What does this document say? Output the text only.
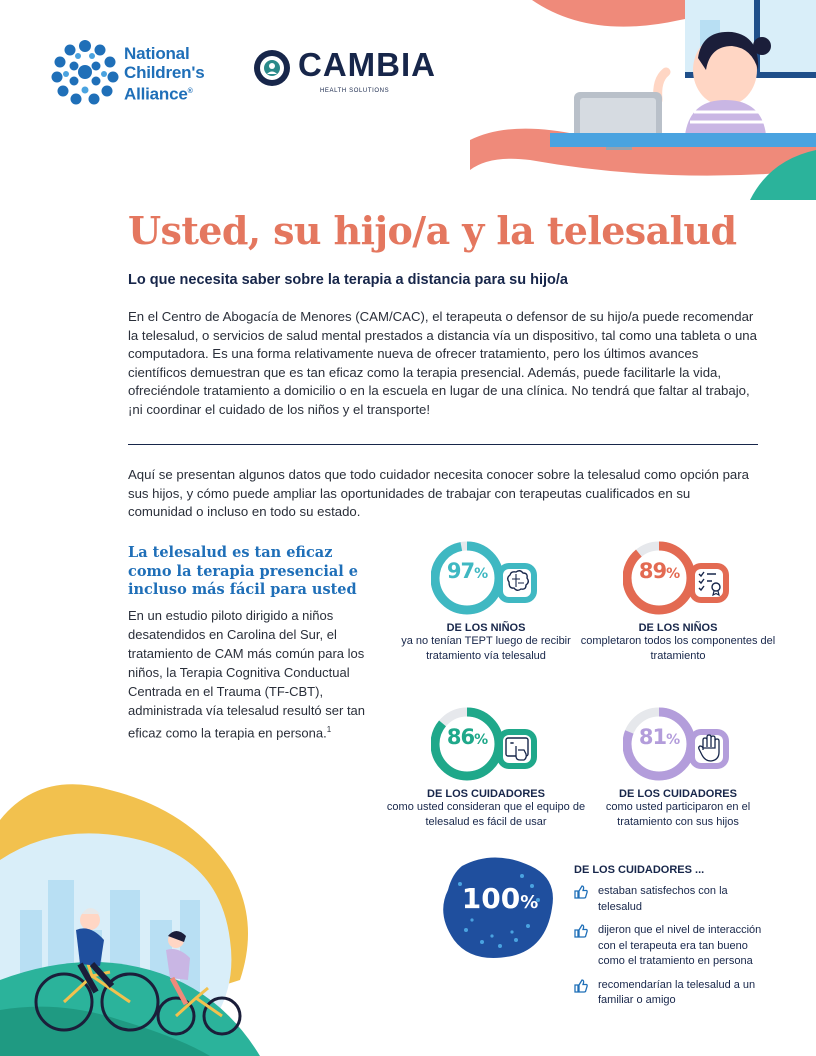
National
Children's
Alliance®
CAMBIA
HEALTH SOLUTIONS
Usted, su hijo/a y la telesalud
Lo que necesita saber sobre la terapia a distancia para su hijo/a

En el Centro de Abogacía de Menores (CAM/CAC), el terapeuta o defensor de su hijo/a puede recomendar la telesalud, o servicios de salud mental prestados a distancia vía un dispositivo, tal como una tableta o una computadora. Es una forma relativamente nueva de ofrecer tratamiento, pero los últimos avances científicos demuestran que es tan eficaz como la terapia presencial. Además, puede facilitarle la vida, ofreciéndole tratamiento a domicilio o en la escuela en lugar de una clínica. No tendrá que faltar al trabajo, ¡ni coordinar el cuidado de los niños y el transporte!

Aquí se presentan algunos datos que todo cuidador necesita conocer sobre la telesalud como opción para sus hijos, y cómo puede ampliar las oportunidades de trabajar con terapeutas cualificados en su comunidad o incluso en todo su estado.

La telesalud es tan eficaz como la terapia presencial e incluso más fácil para usted

En un estudio piloto dirigido a niños desatendidos en Carolina del Sur, el tratamiento de CAM más común para los niños, la Terapia Cognitiva Conductual Centrada en el Trauma (TF-CBT), administrada vía telesalud resultó ser tan eficaz como la terapia en persona.$^1$

97%
DE LOS NIÑOS
ya no tenían TEPT luego de recibir tratamiento vía telesalud
89%
DE LOS NIÑOS
completaron todos los componentes del tratamiento
86%
DE LOS CUIDADORES
como usted consideran que el equipo de telesalud es fácil de usar
81%
DE LOS CUIDADORES
como usted participaron en el tratamiento con sus hijos
100%
DE LOS CUIDADORES ...
estaban satisfechos con la telesalud
dijeron que el nivel de interacción con el terapeuta era tan bueno como el tratamiento en persona
recomendarían la telesalud a un familiar o amigo
